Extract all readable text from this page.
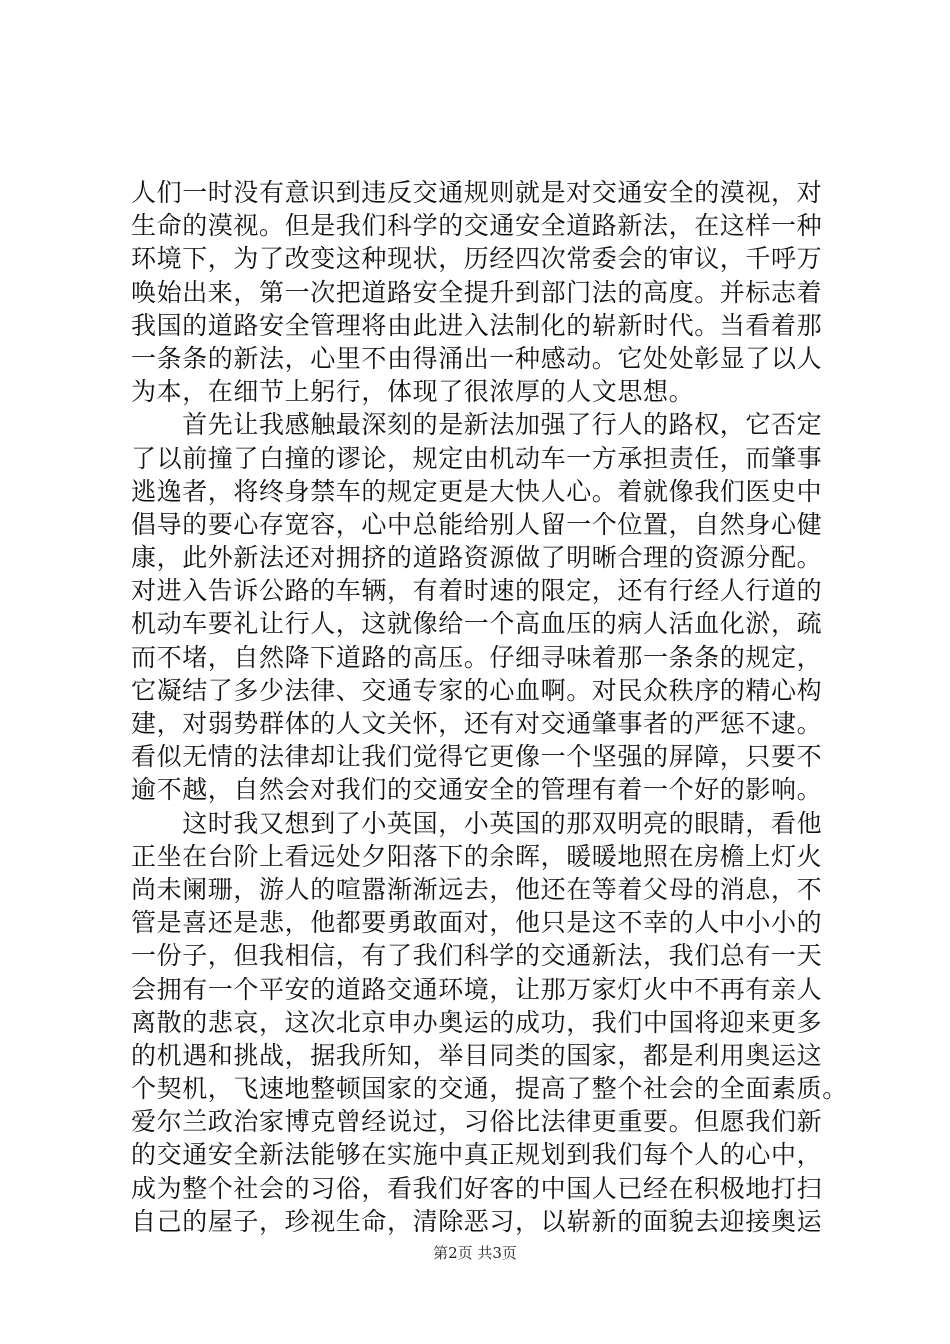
人们一时没有意识到违反交通规则就是对交通安全的漠视，对
生命的漠视。但是我们科学的交通安全道路新法，在这样一种
环境下，为了改变这种现状，历经四次常委会的审议，千呼万
唤始出来，第一次把道路安全提升到部门法的高度。并标志着
我国的道路安全管理将由此进入法制化的崭新时代。当看着那
一条条的新法，心里不由得涌出一种感动。它处处彰显了以人
为本，在细节上躬行，体现了很浓厚的人文思想。
　　首先让我感触最深刻的是新法加强了行人的路权，它否定
了以前撞了白撞的谬论，规定由机动车一方承担责任，而肇事
逃逸者，将终身禁车的规定更是大快人心。着就像我们医史中
倡导的要心存宽容，心中总能给别人留一个位置，自然身心健
康，此外新法还对拥挤的道路资源做了明晰合理的资源分配。
对进入告诉公路的车辆，有着时速的限定，还有行经人行道的
机动车要礼让行人，这就像给一个高血压的病人活血化淤，疏
而不堵，自然降下道路的高压。仔细寻味着那一条条的规定，
它凝结了多少法律、交通专家的心血啊。对民众秩序的精心构
建，对弱势群体的人文关怀，还有对交通肇事者的严惩不逮。
看似无情的法律却让我们觉得它更像一个坚强的屏障，只要不
逾不越，自然会对我们的交通安全的管理有着一个好的影响。
　　这时我又想到了小英国，小英国的那双明亮的眼睛，看他
正坐在台阶上看远处夕阳落下的余晖，暖暖地照在房檐上灯火
尚未阑珊，游人的喧嚣渐渐远去，他还在等着父母的消息，不
管是喜还是悲，他都要勇敢面对，他只是这不幸的人中小小的
一份子，但我相信，有了我们科学的交通新法，我们总有一天
会拥有一个平安的道路交通环境，让那万家灯火中不再有亲人
离散的悲哀，这次北京申办奥运的成功，我们中国将迎来更多
的机遇和挑战，据我所知，举目同类的国家，都是利用奥运这
个契机，飞速地整顿国家的交通，提高了整个社会的全面素质。
爱尔兰政治家博克曾经说过，习俗比法律更重要。但愿我们新
的交通安全新法能够在实施中真正规划到我们每个人的心中，
成为整个社会的习俗，看我们好客的中国人已经在积极地打扫
自己的屋子，珍视生命，清除恶习，以崭新的面貌去迎接奥运
第2页 共3页
